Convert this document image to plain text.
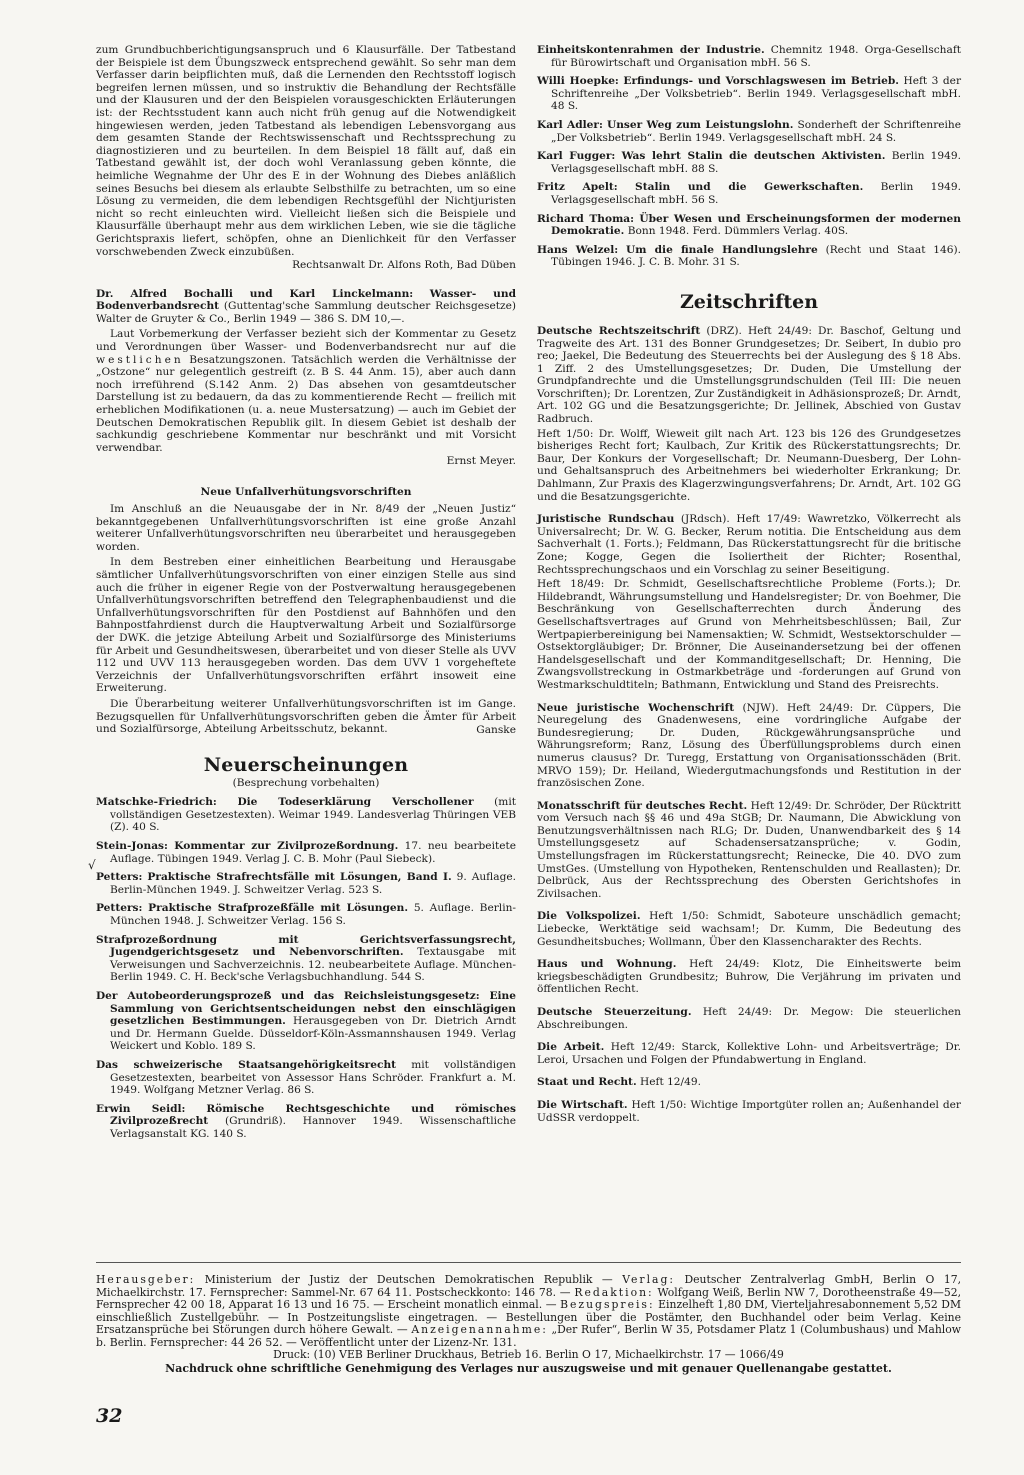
zum Grundbuchberichtigungsanspruch und 6 Klausurfälle. Der Tatbestand der Beispiele ist dem Übungszweck entsprechend gewählt. So sehr man dem Verfasser darin beipflichten muß, daß die Lernenden den Rechtsstoff logisch begreifen lernen müssen, und so instruktiv die Behandlung der Rechtsfälle und der Klausuren und der den Beispielen vorausgeschickten Erläuterungen ist: der Rechtsstudent kann auch nicht früh genug auf die Notwendigkeit hingewiesen werden, jeden Tatbestand als lebendigen Lebensvorgang aus dem gesamten Stande der Rechtswissenschaft und Rechtssprechung zu diagnostizieren und zu beurteilen. In dem Beispiel 18 fällt auf, daß ein Tatbestand gewählt ist, der doch wohl Veranlassung geben könnte, die heimliche Wegnahme der Uhr des E in der Wohnung des Diebes anläßlich seines Besuchs bei diesem als erlaubte Selbsthilfe zu betrachten, um so eine Lösung zu vermeiden, die dem lebendigen Rechtsgefühl der Nichtjuristen nicht so recht einleuchten wird. Vielleicht ließen sich die Beispiele und Klausurfälle überhaupt mehr aus dem wirklichen Leben, wie sie die tägliche Gerichtspraxis liefert, schöpfen, ohne an Dienlichkeit für den Verfasser vorschwebenden Zweck einzubüßen.

Rechtsanwalt Dr. Alfons Roth, Bad Düben

Dr. Alfred Bochalli und Karl Linckelmann: Wasser- und Bodenverbandsrecht (Guttentag'sche Sammlung deutscher Reichsgesetze) Walter de Gruyter & Co., Berlin 1949 — 386 S. DM 10,—.

Laut Vorbemerkung der Verfasser bezieht sich der Kommentar zu Gesetz und Verordnungen über Wasser- und Bodenverbandsrecht nur auf die westlichen Besatzungszonen. Tatsächlich werden die Verhältnisse der „Ostzone“ nur gelegentlich gestreift (z. B S. 44 Anm. 15), aber auch dann noch irreführend (S.142 Anm. 2) Das absehen von gesamtdeutscher Darstellung ist zu bedauern, da das zu kommentierende Recht — freilich mit erheblichen Modifikationen (u. a. neue Mustersatzung) — auch im Gebiet der Deutschen Demokratischen Republik gilt. In diesem Gebiet ist deshalb der sachkundig geschriebene Kommentar nur beschränkt und mit Vorsicht verwendbar.

Ernst Meyer.

Neue Unfallverhütungsvorschriften

Im Anschluß an die Neuausgabe der in Nr. 8/49 der „Neuen Justiz“ bekanntgegebenen Unfallverhütungsvorschriften ist eine große Anzahl weiterer Unfallverhütungsvorschriften neu überarbeitet und herausgegeben worden.

In dem Bestreben einer einheitlichen Bearbeitung und Herausgabe sämtlicher Unfallverhütungsvorschriften von einer einzigen Stelle aus sind auch die früher in eigener Regie von der Postverwaltung herausgegebenen Unfallverhütungsvorschriften betreffend den Telegraphenbaudienst und die Unfallverhütungsvorschriften für den Postdienst auf Bahnhöfen und den Bahnpostfahrdienst durch die Hauptverwaltung Arbeit und Sozialfürsorge der DWK. die jetzige Abteilung Arbeit und Sozialfürsorge des Ministeriums für Arbeit und Gesundheitswesen, überarbeitet und von dieser Stelle als UVV 112 und UVV 113 herausgegeben worden. Das dem UVV 1 vorgeheftete Verzeichnis der Unfallverhütungsvorschriften erfährt insoweit eine Erweiterung.

Die Überarbeitung weiterer Unfallverhütungsvorschriften ist im Gange. Bezugsquellen für Unfallverhütungsvorschriften geben die Ämter für Arbeit und Sozialfürsorge, Abteilung Arbeitsschutz, bekannt.	Ganske

Neuerscheinungen
(Besprechung vorbehalten)
Matschke-Friedrich: Die Todeserklärung Verschollener (mit vollständigen Gesetzestexten). Weimar 1949. Landesverlag Thüringen VEB (Z). 40 S.
Stein-Jonas: Kommentar zur Zivilprozeßordnung. 17. neu bearbeitete Auflage. Tübingen 1949. Verlag J. C. B. Mohr (Paul Siebeck).
Petters: Praktische Strafrechtsfälle mit Lösungen, Band I. 9. Auflage. Berlin-München 1949. J. Schweitzer Verlag. 523 S.
Petters: Praktische Strafprozeßfälle mit Lösungen. 5. Auflage. Berlin-München 1948. J. Schweitzer Verlag. 156 S.
Strafprozeßordnung mit Gerichtsverfassungsrecht, Jugendgerichtsgesetz und Nebenvorschriften. Textausgabe mit Verweisungen und Sachverzeichnis. 12. neubearbeitete Auflage. München-Berlin 1949. C. H. Beck'sche Verlagsbuchhandlung. 544 S.
Der Autobeorderungsprozeß und das Reichsleistungsgesetz: Eine Sammlung von Gerichtsentscheidungen nebst den einschlägigen gesetzlichen Bestimmungen. Herausgegeben von Dr. Dietrich Arndt und Dr. Hermann Guelde. Düsseldorf-Köln-Assmannshausen 1949. Verlag Weickert und Koblo. 189 S.
Das schweizerische Staatsangehörigkeitsrecht mit vollständigen Gesetzestexten, bearbeitet von Assessor Hans Schröder. Frankfurt a. M. 1949. Wolfgang Metzner Verlag. 86 S.
Erwin Seidl: Römische Rechtsgeschichte und römisches Zivilprozeßrecht (Grundriß). Hannover 1949. Wissenschaftliche Verlagsanstalt KG. 140 S.
√
Einheitskontenrahmen der Industrie. Chemnitz 1948. Orga-Gesellschaft für Bürowirtschaft und Organisation mbH. 56 S.
Willi Hoepke: Erfindungs- und Vorschlagswesen im Betrieb. Heft 3 der Schriftenreihe „Der Volksbetrieb“. Berlin 1949. Verlagsgesellschaft mbH. 48 S.
Karl Adler: Unser Weg zum Leistungslohn. Sonderheft der Schriftenreihe „Der Volksbetrieb“. Berlin 1949. Verlagsgesellschaft mbH. 24 S.
Karl Fugger: Was lehrt Stalin die deutschen Aktivisten. Berlin 1949. Verlagsgesellschaft mbH. 88 S.
Fritz Apelt: Stalin und die Gewerkschaften. Berlin 1949. Verlagsgesellschaft mbH. 56 S.
Richard Thoma: Über Wesen und Erscheinungsformen der modernen Demokratie. Bonn 1948. Ferd. Dümmlers Verlag. 40S.
Hans Welzel: Um die finale Handlungslehre (Recht und Staat 146). Tübingen 1946. J. C. B. Mohr. 31 S.
Zeitschriften

Deutsche Rechtszeitschrift (DRZ). Heft 24/49: Dr. Baschof, Geltung und Tragweite des Art. 131 des Bonner Grundgesetzes; Dr. Seibert, In dubio pro reo; Jaekel, Die Bedeutung des Steuerrechts bei der Auslegung des § 18 Abs. 1 Ziff. 2 des Umstellungsgesetzes; Dr. Duden, Die Umstellung der Grundpfandrechte und die Umstellungsgrundschulden (Teil III: Die neuen Vorschriften); Dr. Lorentzen, Zur Zuständigkeit in Adhäsionsprozeß; Dr. Arndt, Art. 102 GG und die Besatzungsgerichte; Dr. Jellinek, Abschied von Gustav Radbruch.

Heft 1/50: Dr. Wolff, Wieweit gilt nach Art. 123 bis 126 des Grundgesetzes bisheriges Recht fort; Kaulbach, Zur Kritik des Rückerstattungsrechts; Dr. Baur, Der Konkurs der Vorgesellschaft; Dr. Neumann-Duesberg, Der Lohn- und Gehaltsanspruch des Arbeitnehmers bei wiederholter Erkrankung; Dr. Dahlmann, Zur Praxis des Klagerzwingungsverfahrens; Dr. Arndt, Art. 102 GG und die Besatzungsgerichte.

Juristische Rundschau (JRdsch). Heft 17/49: Wawretzko, Völkerrecht als Universalrecht; Dr. W. G. Becker, Rerum notitia. Die Entscheidung aus dem Sachverhalt (1. Forts.); Feldmann, Das Rückerstattungsrecht für die britische Zone; Kogge, Gegen die Isoliertheit der Richter; Rosenthal, Rechtssprechungschaos und ein Vorschlag zu seiner Beseitigung.

Heft 18/49: Dr. Schmidt, Gesellschaftsrechtliche Probleme (Forts.); Dr. Hildebrandt, Währungsumstellung und Handelsregister; Dr. von Boehmer, Die Beschränkung von Gesellschafterrechten durch Änderung des Gesellschaftsvertrages auf Grund von Mehrheitsbeschlüssen; Bail, Zur Wertpapierbereinigung bei Namensaktien; W. Schmidt, Westsektorschulder — Ostsektorgläubiger; Dr. Brönner, Die Auseinandersetzung bei der offenen Handelsgesellschaft und der Kommanditgesellschaft; Dr. Henning, Die Zwangsvollstreckung in Ostmarkbeträge und -forderungen auf Grund von Westmarkschuldtiteln; Bathmann, Entwicklung und Stand des Preisrechts.

Neue juristische Wochenschrift (NJW). Heft 24/49: Dr. Cüppers, Die Neuregelung des Gnadenwesens, eine vordringliche Aufgabe der Bundesregierung; Dr. Duden, Rückgewährungsansprüche und Währungsreform; Ranz, Lösung des Überfüllungsproblems durch einen numerus clausus? Dr. Turegg, Erstattung von Organisationsschäden (Brit. MRVO 159); Dr. Heiland, Wiedergutmachungsfonds und Restitution in der französischen Zone.

Monatsschrift für deutsches Recht. Heft 12/49: Dr. Schröder, Der Rücktritt vom Versuch nach §§ 46 und 49a StGB; Dr. Naumann, Die Abwicklung von Benutzungsverhältnissen nach RLG; Dr. Duden, Unanwendbarkeit des § 14 Umstellungsgesetz auf Schadensersatzansprüche; v. Godin, Umstellungsfragen im Rückerstattungsrecht; Reinecke, Die 40. DVO zum UmstGes. (Umstellung von Hypotheken, Rentenschulden und Reallasten); Dr. Delbrück, Aus der Rechtssprechung des Obersten Gerichtshofes in Zivilsachen.

Die Volkspolizei. Heft 1/50: Schmidt, Saboteure unschädlich gemacht; Liebecke, Werktätige seid wachsam!; Dr. Kumm, Die Bedeutung des Gesundheitsbuches; Wollmann, Über den Klassencharakter des Rechts.

Haus und Wohnung. Heft 24/49: Klotz, Die Einheitswerte beim kriegsbeschädigten Grundbesitz; Buhrow, Die Verjährung im privaten und öffentlichen Recht.

Deutsche Steuerzeitung. Heft 24/49: Dr. Megow: Die steuerlichen Abschreibungen.

Die Arbeit. Heft 12/49: Starck, Kollektive Lohn- und Arbeitsverträge; Dr. Leroi, Ursachen und Folgen der Pfundabwertung in England.

Staat und Recht. Heft 12/49.

Die Wirtschaft. Heft 1/50: Wichtige Importgüter rollen an; Außenhandel der UdSSR verdoppelt.

Herausgeber: Ministerium der Justiz der Deutschen Demokratischen Republik — Verlag: Deutscher Zentralverlag GmbH, Berlin O 17, Michaelkirchstr. 17. Fernsprecher: Sammel-Nr. 67 64 11. Postscheckkonto: 146 78. — Redaktion: Wolfgang Weiß, Berlin NW 7, Dorotheenstraße 49—52, Fernsprecher 42 00 18, Apparat 16 13 und 16 75. — Erscheint monatlich einmal. — Bezugspreis: Einzelheft 1,80 DM, Vierteljahresabonnement 5,52 DM einschließlich Zustellgebühr. — In Postzeitungsliste eingetragen. — Bestellungen über die Postämter, den Buchhandel oder beim Verlag. Keine Ersatzansprüche bei Störungen durch höhere Gewalt. — Anzeigenannahme: „Der Rufer“, Berlin W 35, Potsdamer Platz 1 (Columbushaus) und Mahlow b. Berlin. Fernsprecher: 44 26 52. — Veröffentlicht unter der Lizenz-Nr. 131.

Druck: (10) VEB Berliner Druckhaus, Betrieb 16. Berlin O 17, Michaelkirchstr. 17 — 1066/49

Nachdruck ohne schriftliche Genehmigung des Verlages nur auszugsweise und mit genauer Quellenangabe gestattet.

32
